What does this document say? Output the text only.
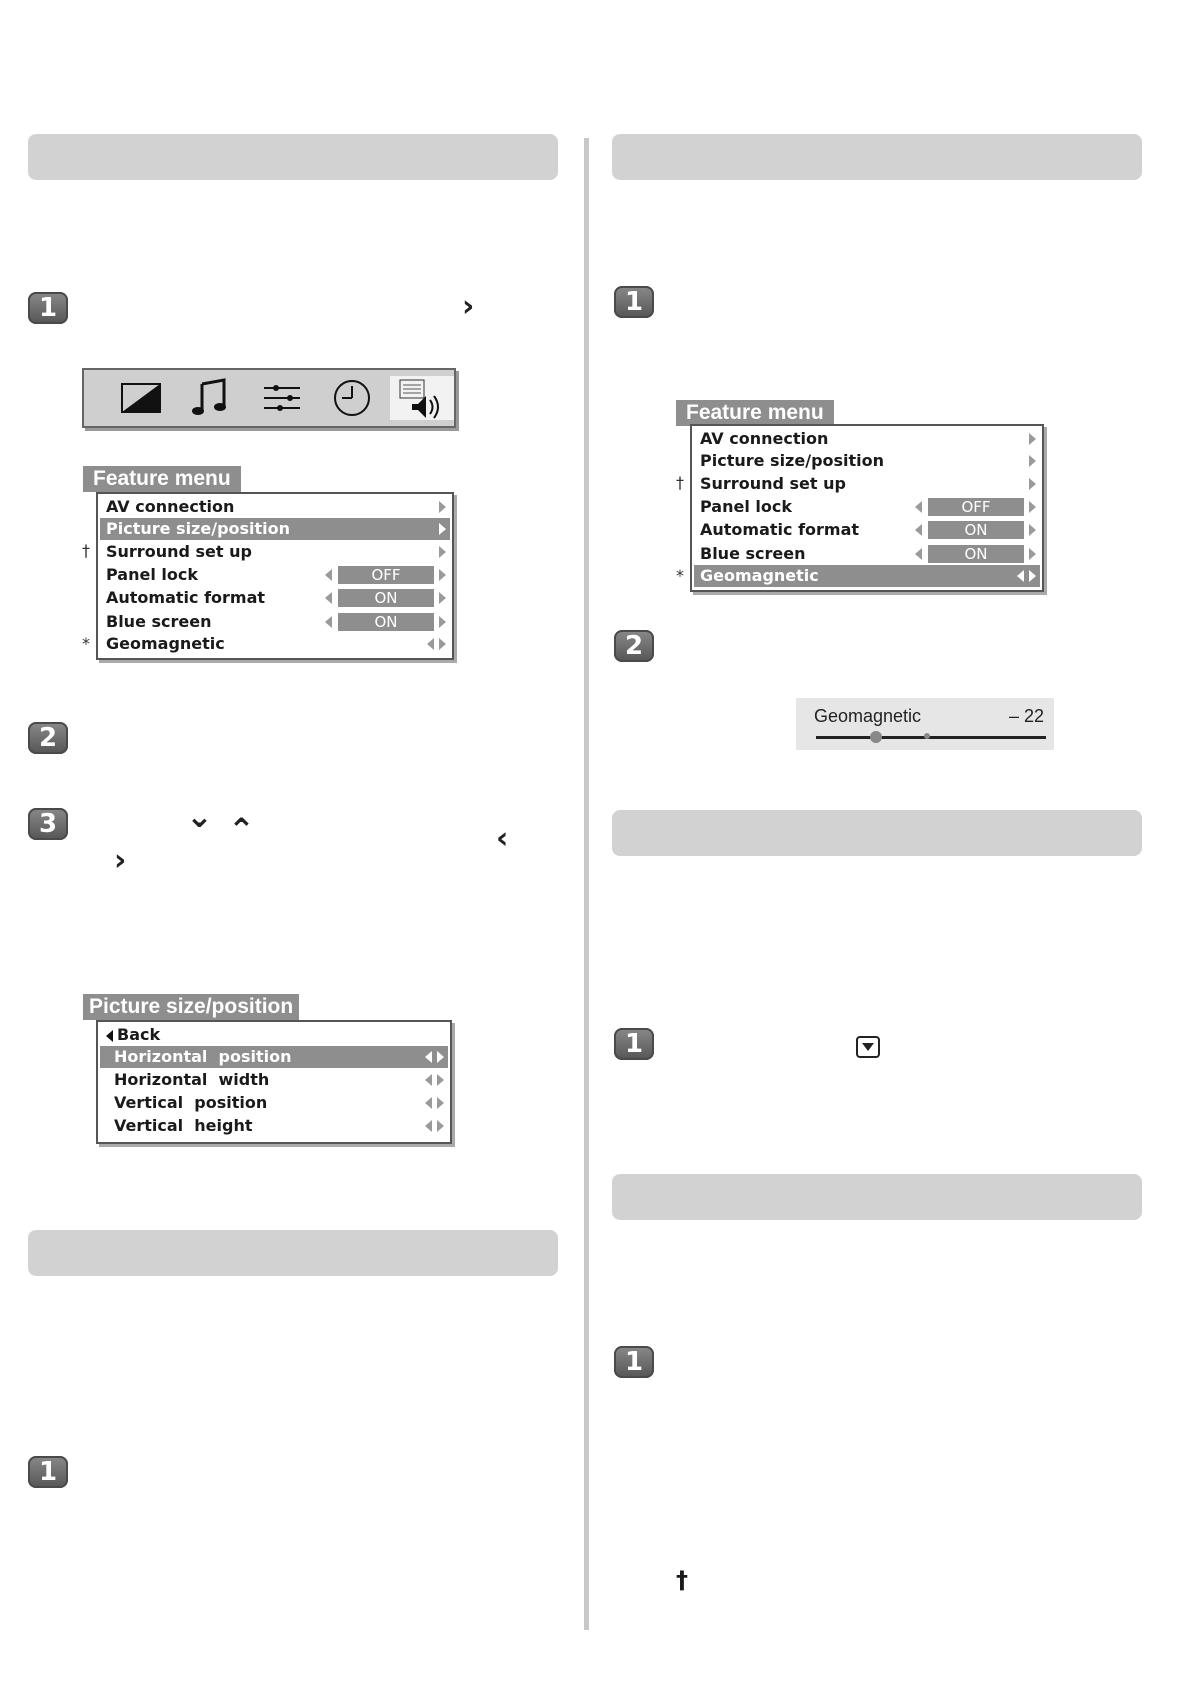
1	›
Feature menu
AV connection
Picture size/position
Surround set up
Panel lock	OFF
Automatic format	ON
Blue screen	ON
Geomagnetic
†
*
2
3	⌄ ⌃	‹
›
Picture size/position
Back
Horizontal  position
Horizontal  width
Vertical  position
Vertical  height
1
1
Feature menu
AV connection
Picture size/position
Surround set up
Panel lock	OFF
Automatic format	ON
Blue screen	ON
Geomagnetic
†
*
2
Geomagnetic	– 22
1
1
†
